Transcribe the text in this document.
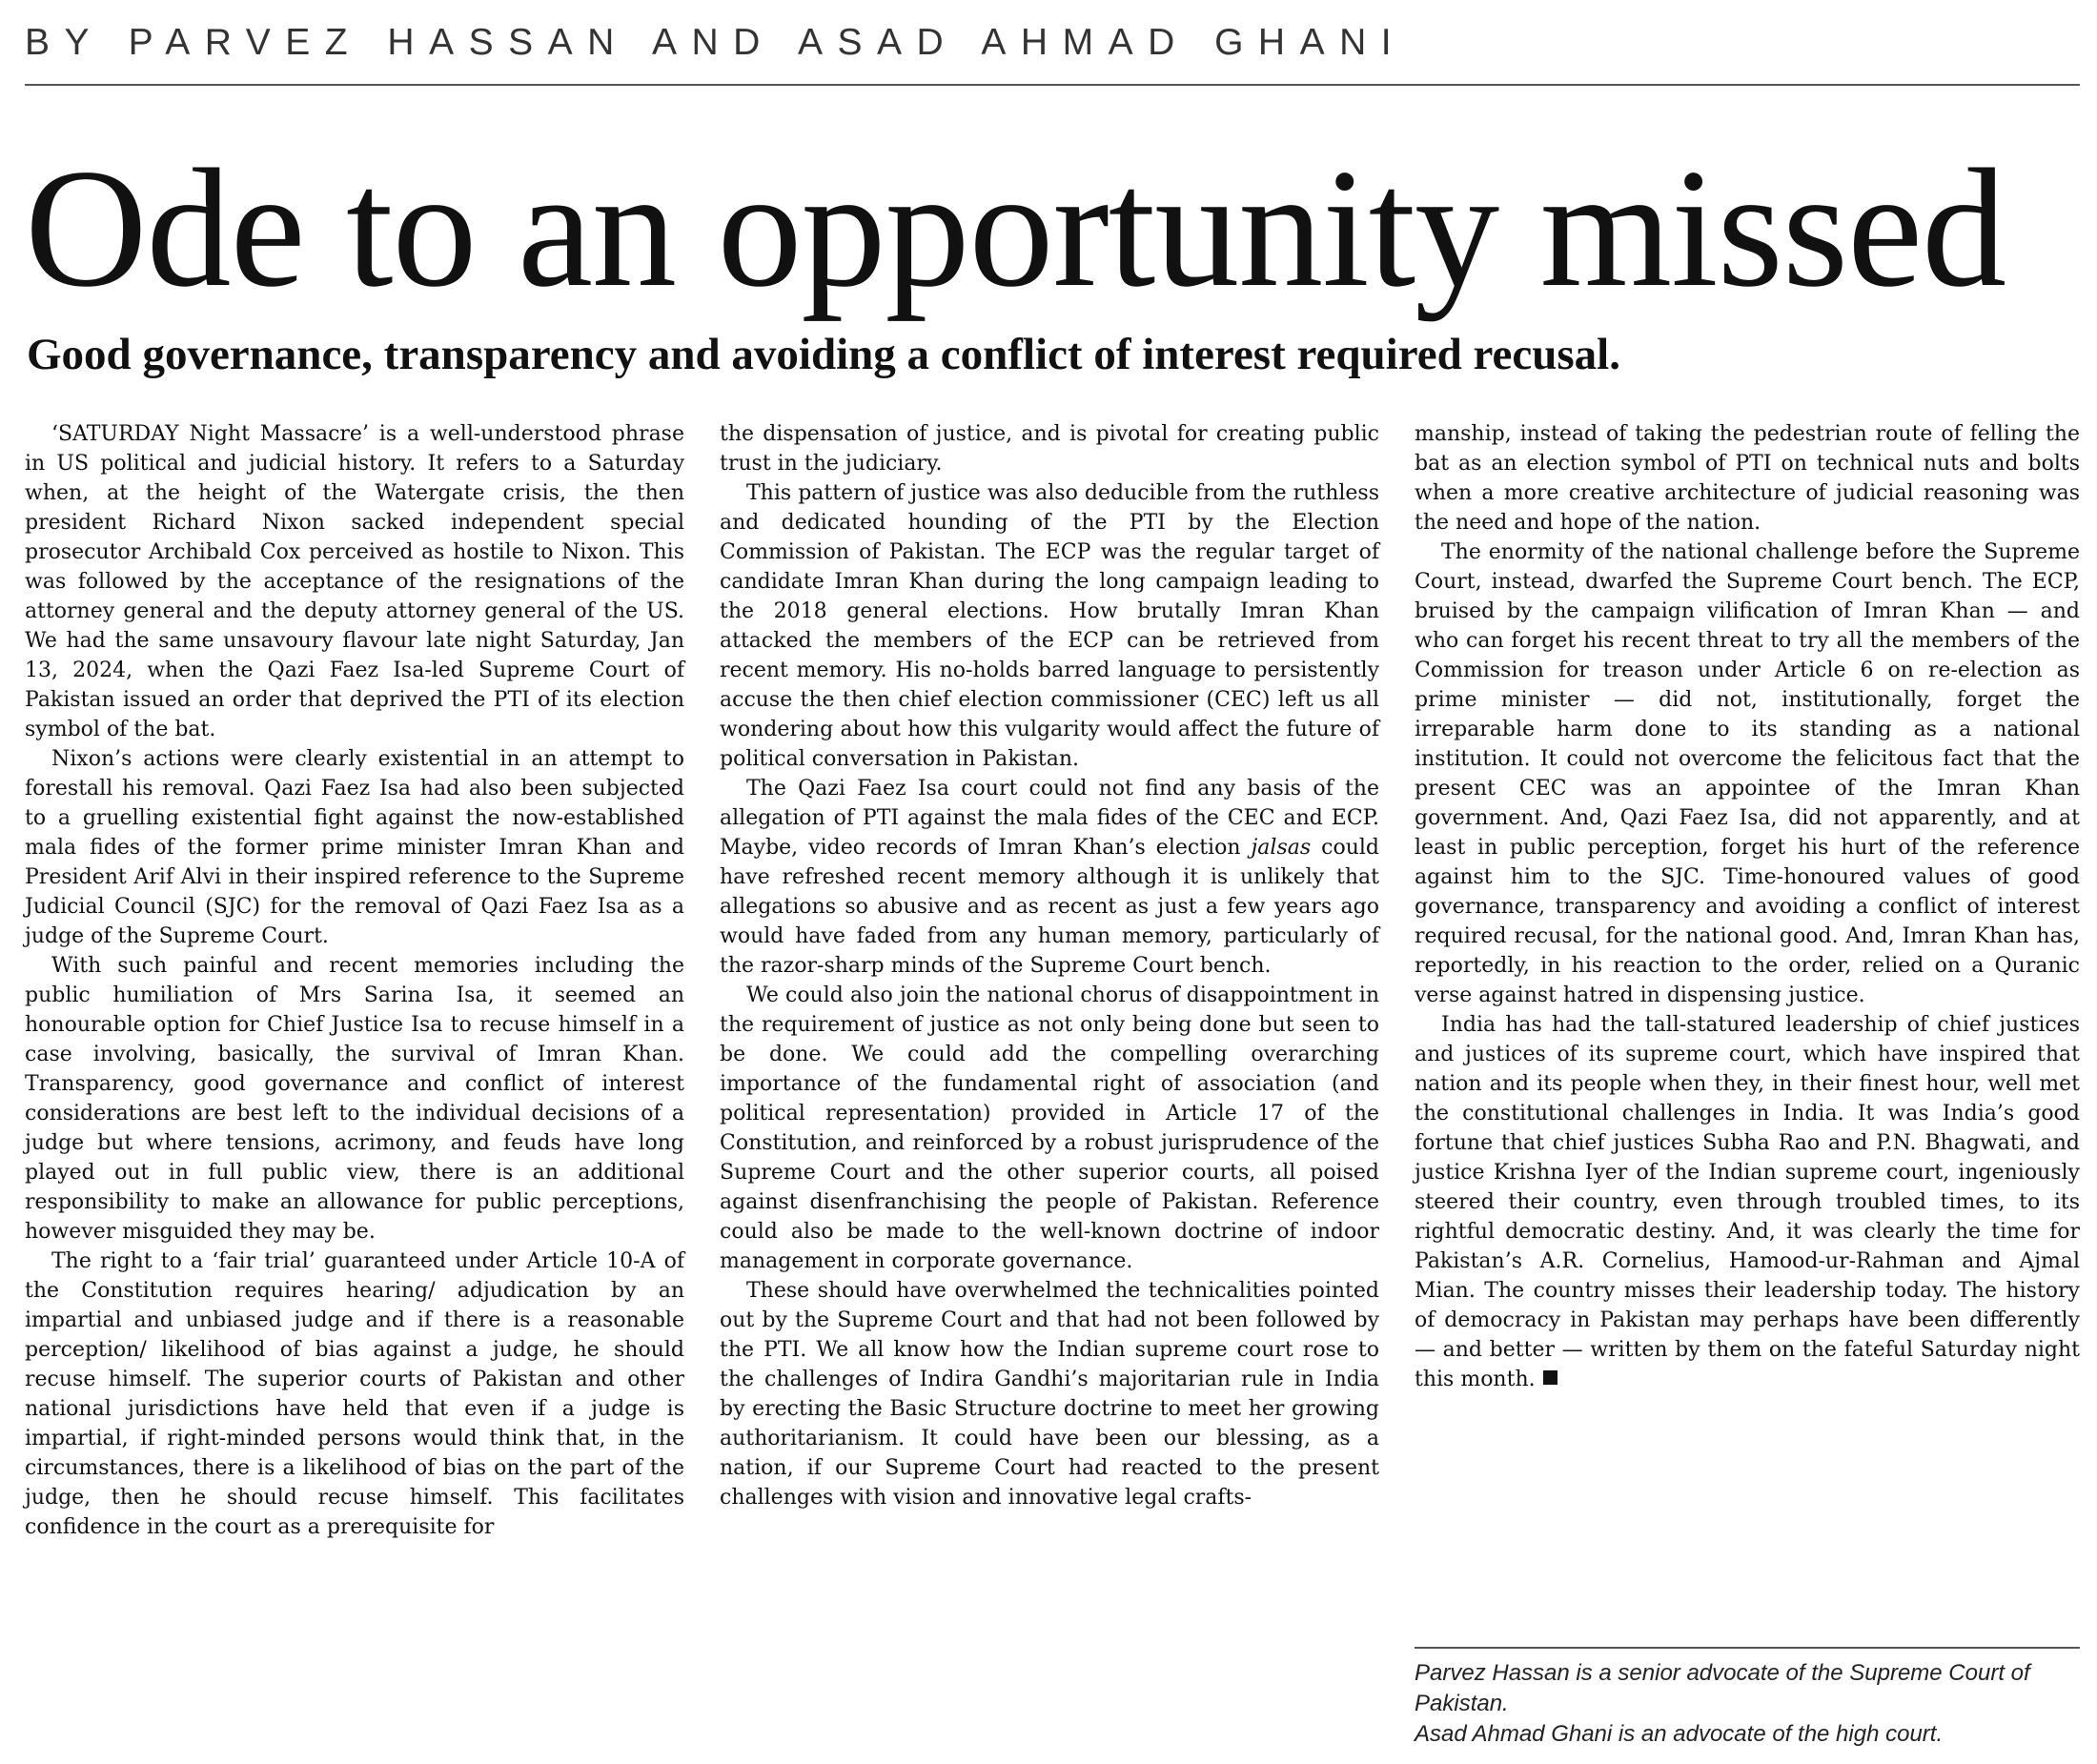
BY PARVEZ HASSAN AND ASAD AHMAD GHANI
Ode to an opportunity missed
Good governance, transparency and avoiding a conflict of interest required recusal.

‘SATURDAY Night Massacre’ is a well-understood phrase in US political and judicial history. It refers to a Saturday when, at the height of the Watergate crisis, the then president Richard Nixon sacked independent special prosecutor Archibald Cox perceived as hostile to Nixon. This was followed by the acceptance of the resignations of the attorney general and the deputy attorney general of the US. We had the same unsavoury flavour late night Saturday, Jan 13, 2024, when the Qazi Faez Isa-led Supreme Court of Pakistan issued an order that deprived the PTI of its election symbol of the bat.

Nixon’s actions were clearly existential in an attempt to forestall his removal. Qazi Faez Isa had also been subjected to a gruelling existential fight against the now-established mala fides of the former prime minister Imran Khan and President Arif Alvi in their inspired reference to the Supreme Judicial Council (SJC) for the removal of Qazi Faez Isa as a judge of the Supreme Court.

With such painful and recent memories including the public humiliation of Mrs Sarina Isa, it seemed an honourable option for Chief Justice Isa to recuse himself in a case involving, basically, the survival of Imran Khan. Transparency, good governance and conflict of interest considerations are best left to the individual decisions of a judge but where tensions, acrimony, and feuds have long played out in full public view, there is an additional responsibility to make an allowance for public perceptions, however misguided they may be.

The right to a ‘fair trial’ guaranteed under Article 10-A of the Constitution requires hearing/ adjudication by an impartial and unbiased judge and if there is a reasonable perception/ likelihood of bias against a judge, he should recuse himself. The superior courts of Pakistan and other national jurisdictions have held that even if a judge is impartial, if right-minded persons would think that, in the circumstances, there is a likelihood of bias on the part of the judge, then he should recuse himself. This facilitates confidence in the court as a prerequisite for

the dispensation of justice, and is pivotal for creating public trust in the judiciary.

This pattern of justice was also deducible from the ruthless and dedicated hounding of the PTI by the Election Commission of Pakistan. The ECP was the regular target of candidate Imran Khan during the long campaign leading to the 2018 general elections. How brutally Imran Khan attacked the members of the ECP can be retrieved from recent memory. His no-holds barred language to persistently accuse the then chief election commissioner (CEC) left us all wondering about how this vulgarity would affect the future of political conversation in Pakistan.

The Qazi Faez Isa court could not find any basis of the allegation of PTI against the mala fides of the CEC and ECP. Maybe, video records of Imran Khan’s election jalsas could have refreshed recent memory although it is unlikely that allegations so abusive and as recent as just a few years ago would have faded from any human memory, particularly of the razor-sharp minds of the Supreme Court bench.

We could also join the national chorus of disappointment in the requirement of justice as not only being done but seen to be done. We could add the compelling overarching importance of the fundamental right of association (and political representation) provided in Article 17 of the Constitution, and reinforced by a robust jurisprudence of the Supreme Court and the other superior courts, all poised against disenfranchising the people of Pakistan. Reference could also be made to the well-known doctrine of indoor management in corporate governance.

These should have overwhelmed the technicalities pointed out by the Supreme Court and that had not been followed by the PTI. We all know how the Indian supreme court rose to the challenges of Indira Gandhi’s majoritarian rule in India by erecting the Basic Structure doctrine to meet her growing authoritarianism. It could have been our blessing, as a nation, if our Supreme Court had reacted to the present challenges with vision and innovative legal crafts-

manship, instead of taking the pedestrian route of felling the bat as an election symbol of PTI on technical nuts and bolts when a more creative architecture of judicial reasoning was the need and hope of the nation.

The enormity of the national challenge before the Supreme Court, instead, dwarfed the Supreme Court bench. The ECP, bruised by the campaign vilification of Imran Khan — and who can forget his recent threat to try all the members of the Commission for treason under Article 6 on re-election as prime minister — did not, institutionally, forget the irreparable harm done to its standing as a national institution. It could not overcome the felicitous fact that the present CEC was an appointee of the Imran Khan government. And, Qazi Faez Isa, did not apparently, and at least in public perception, forget his hurt of the reference against him to the SJC. Time-honoured values of good governance, transparency and avoiding a conflict of interest required recusal, for the national good. And, Imran Khan has, reportedly, in his reaction to the order, relied on a Quranic verse against hatred in dispensing justice.

India has had the tall-statured leadership of chief justices and justices of its supreme court, which have inspired that nation and its people when they, in their finest hour, well met the constitutional challenges in India. It was India’s good fortune that chief justices Subha Rao and P.N. Bhagwati, and justice Krishna Iyer of the Indian supreme court, ingeniously steered their country, even through troubled times, to its rightful democratic destiny. And, it was clearly the time for Pakistan’s A.R. Cornelius, Hamood-ur-Rahman and Ajmal Mian. The country misses their leadership today. The history of democracy in Pakistan may perhaps have been differently — and better — written by them on the fateful Saturday night this month.

Parvez Hassan is a senior advocate of the Supreme Court of Pakistan.
Asad Ahmad Ghani is an advocate of the high court.
